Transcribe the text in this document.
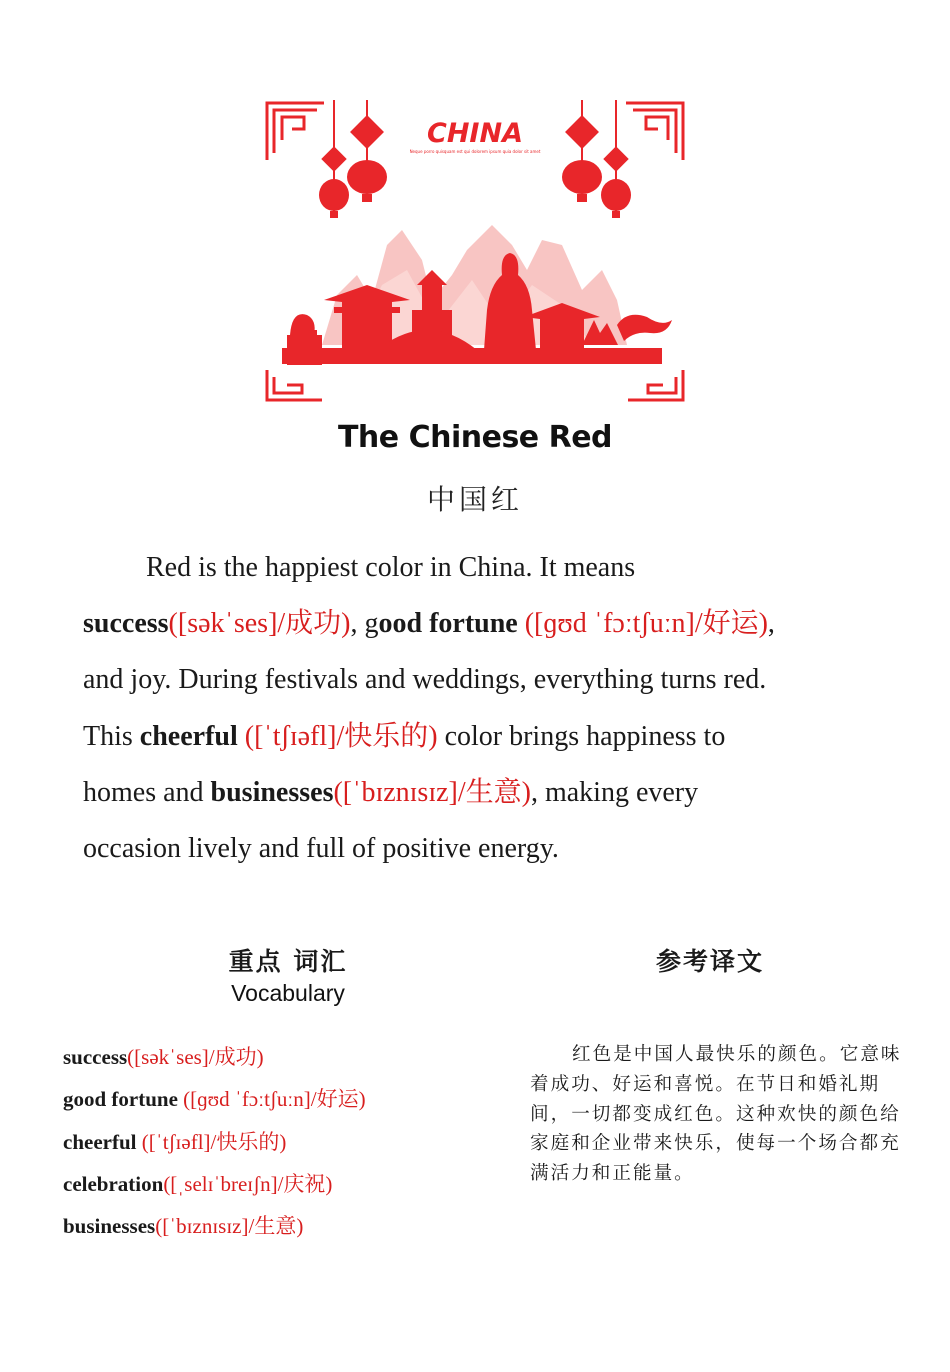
CHINA
Neque porro quisquam est qui dolorem ipsum quia dolor sit amet
The Chinese Red
中国红
Red is the happiest color in China. It means
success([səkˈses]/成功), good fortune ([ɡʊd ˈfɔːtʃuːn]/好运),
and joy. During festivals and weddings, everything turns red.
This cheerful ([ˈtʃɪəfl]/快乐的) color brings happiness to
homes and businesses([ˈbɪznɪsɪz]/生意), making every
occasion lively and full of positive energy.
重点 词汇
Vocabulary
参考译文
success([səkˈses]/成功)
good fortune ([ɡʊd ˈfɔːtʃuːn]/好运)
cheerful ([ˈtʃɪəfl]/快乐的)
celebration([ˌselɪˈbreɪʃn]/庆祝)
businesses([ˈbɪznɪsɪz]/生意)

红色是中国人最快乐的颜色。它意味着成功、好运和喜悦。在节日和婚礼期间，一切都变成红色。这种欢快的颜色给家庭和企业带来快乐，使每一个场合都充满活力和正能量。
